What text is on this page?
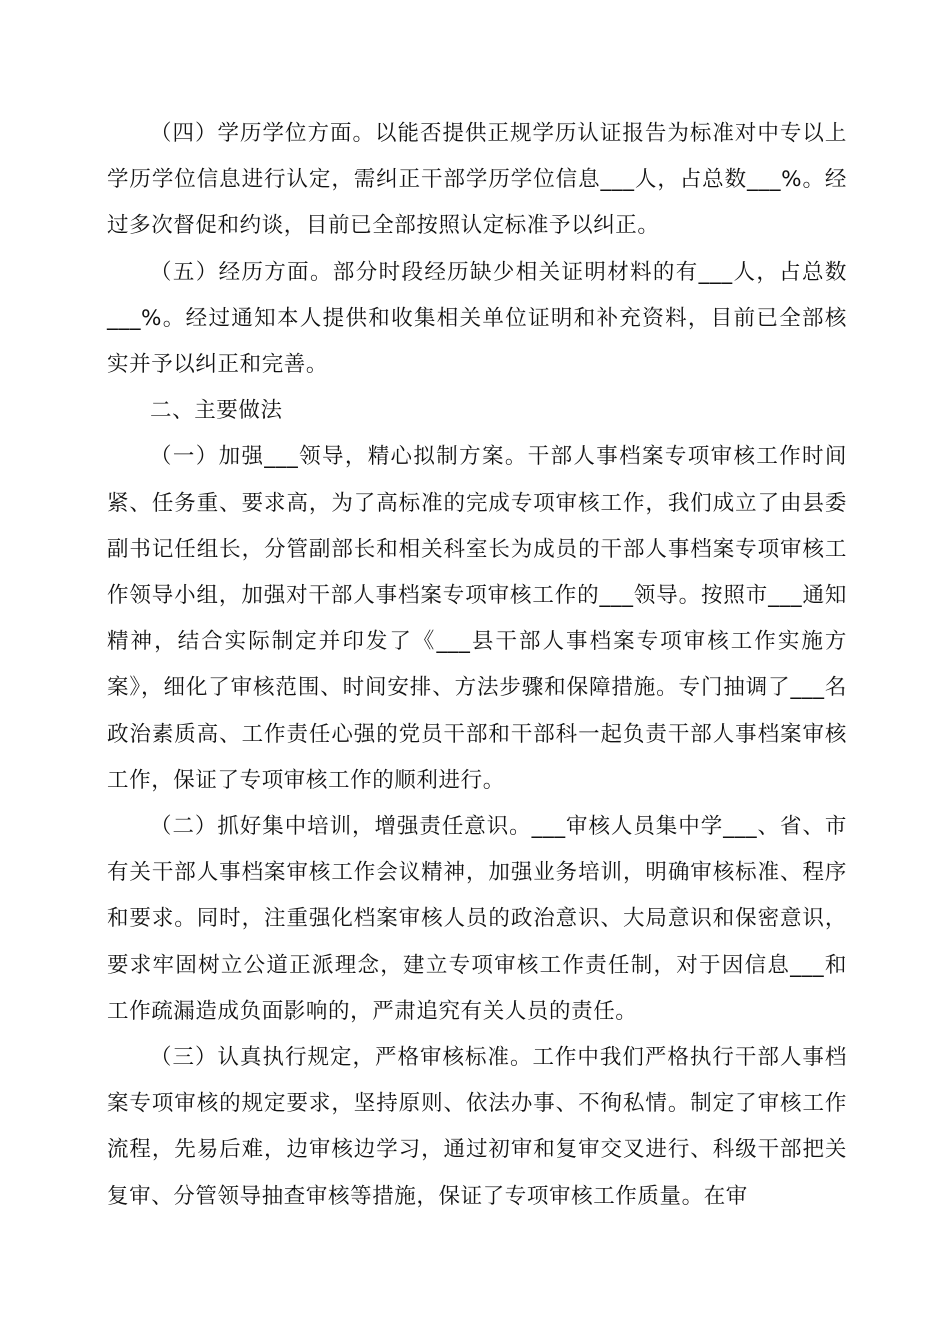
（四）学历学位方面。以能否提供正规学历认证报告为标准对中专以上学历学位信息进行认定，需纠正干部学历学位信息___人，占总数___%。经过多次督促和约谈，目前已全部按照认定标准予以纠正。

（五）经历方面。部分时段经历缺少相关证明材料的有___人，占总数___%。经过通知本人提供和收集相关单位证明和补充资料，目前已全部核实并予以纠正和完善。

二、主要做法

（一）加强___领导，精心拟制方案。干部人事档案专项审核工作时间紧、任务重、要求高，为了高标准的完成专项审核工作，我们成立了由县委副书记任组长，分管副部长和相关科室长为成员的干部人事档案专项审核工作领导小组，加强对干部人事档案专项审核工作的___领导。按照市___通知精神，结合实际制定并印发了《___县干部人事档案专项审核工作实施方案》，细化了审核范围、时间安排、方法步骤和保障措施。专门抽调了___名政治素质高、工作责任心强的党员干部和干部科一起负责干部人事档案审核工作，保证了专项审核工作的顺利进行。

（二）抓好集中培训，增强责任意识。___审核人员集中学___、省、市有关干部人事档案审核工作会议精神，加强业务培训，明确审核标准、程序和要求。同时，注重强化档案审核人员的政治意识、大局意识和保密意识，要求牢固树立公道正派理念，建立专项审核工作责任制，对于因信息___和工作疏漏造成负面影响的，严肃追究有关人员的责任。

（三）认真执行规定，严格审核标准。工作中我们严格执行干部人事档案专项审核的规定要求，坚持原则、依法办事、不徇私情。制定了审核工作流程，先易后难，边审核边学习，通过初审和复审交叉进行、科级干部把关复审、分管领导抽查审核等措施，保证了专项审核工作质量。在审
